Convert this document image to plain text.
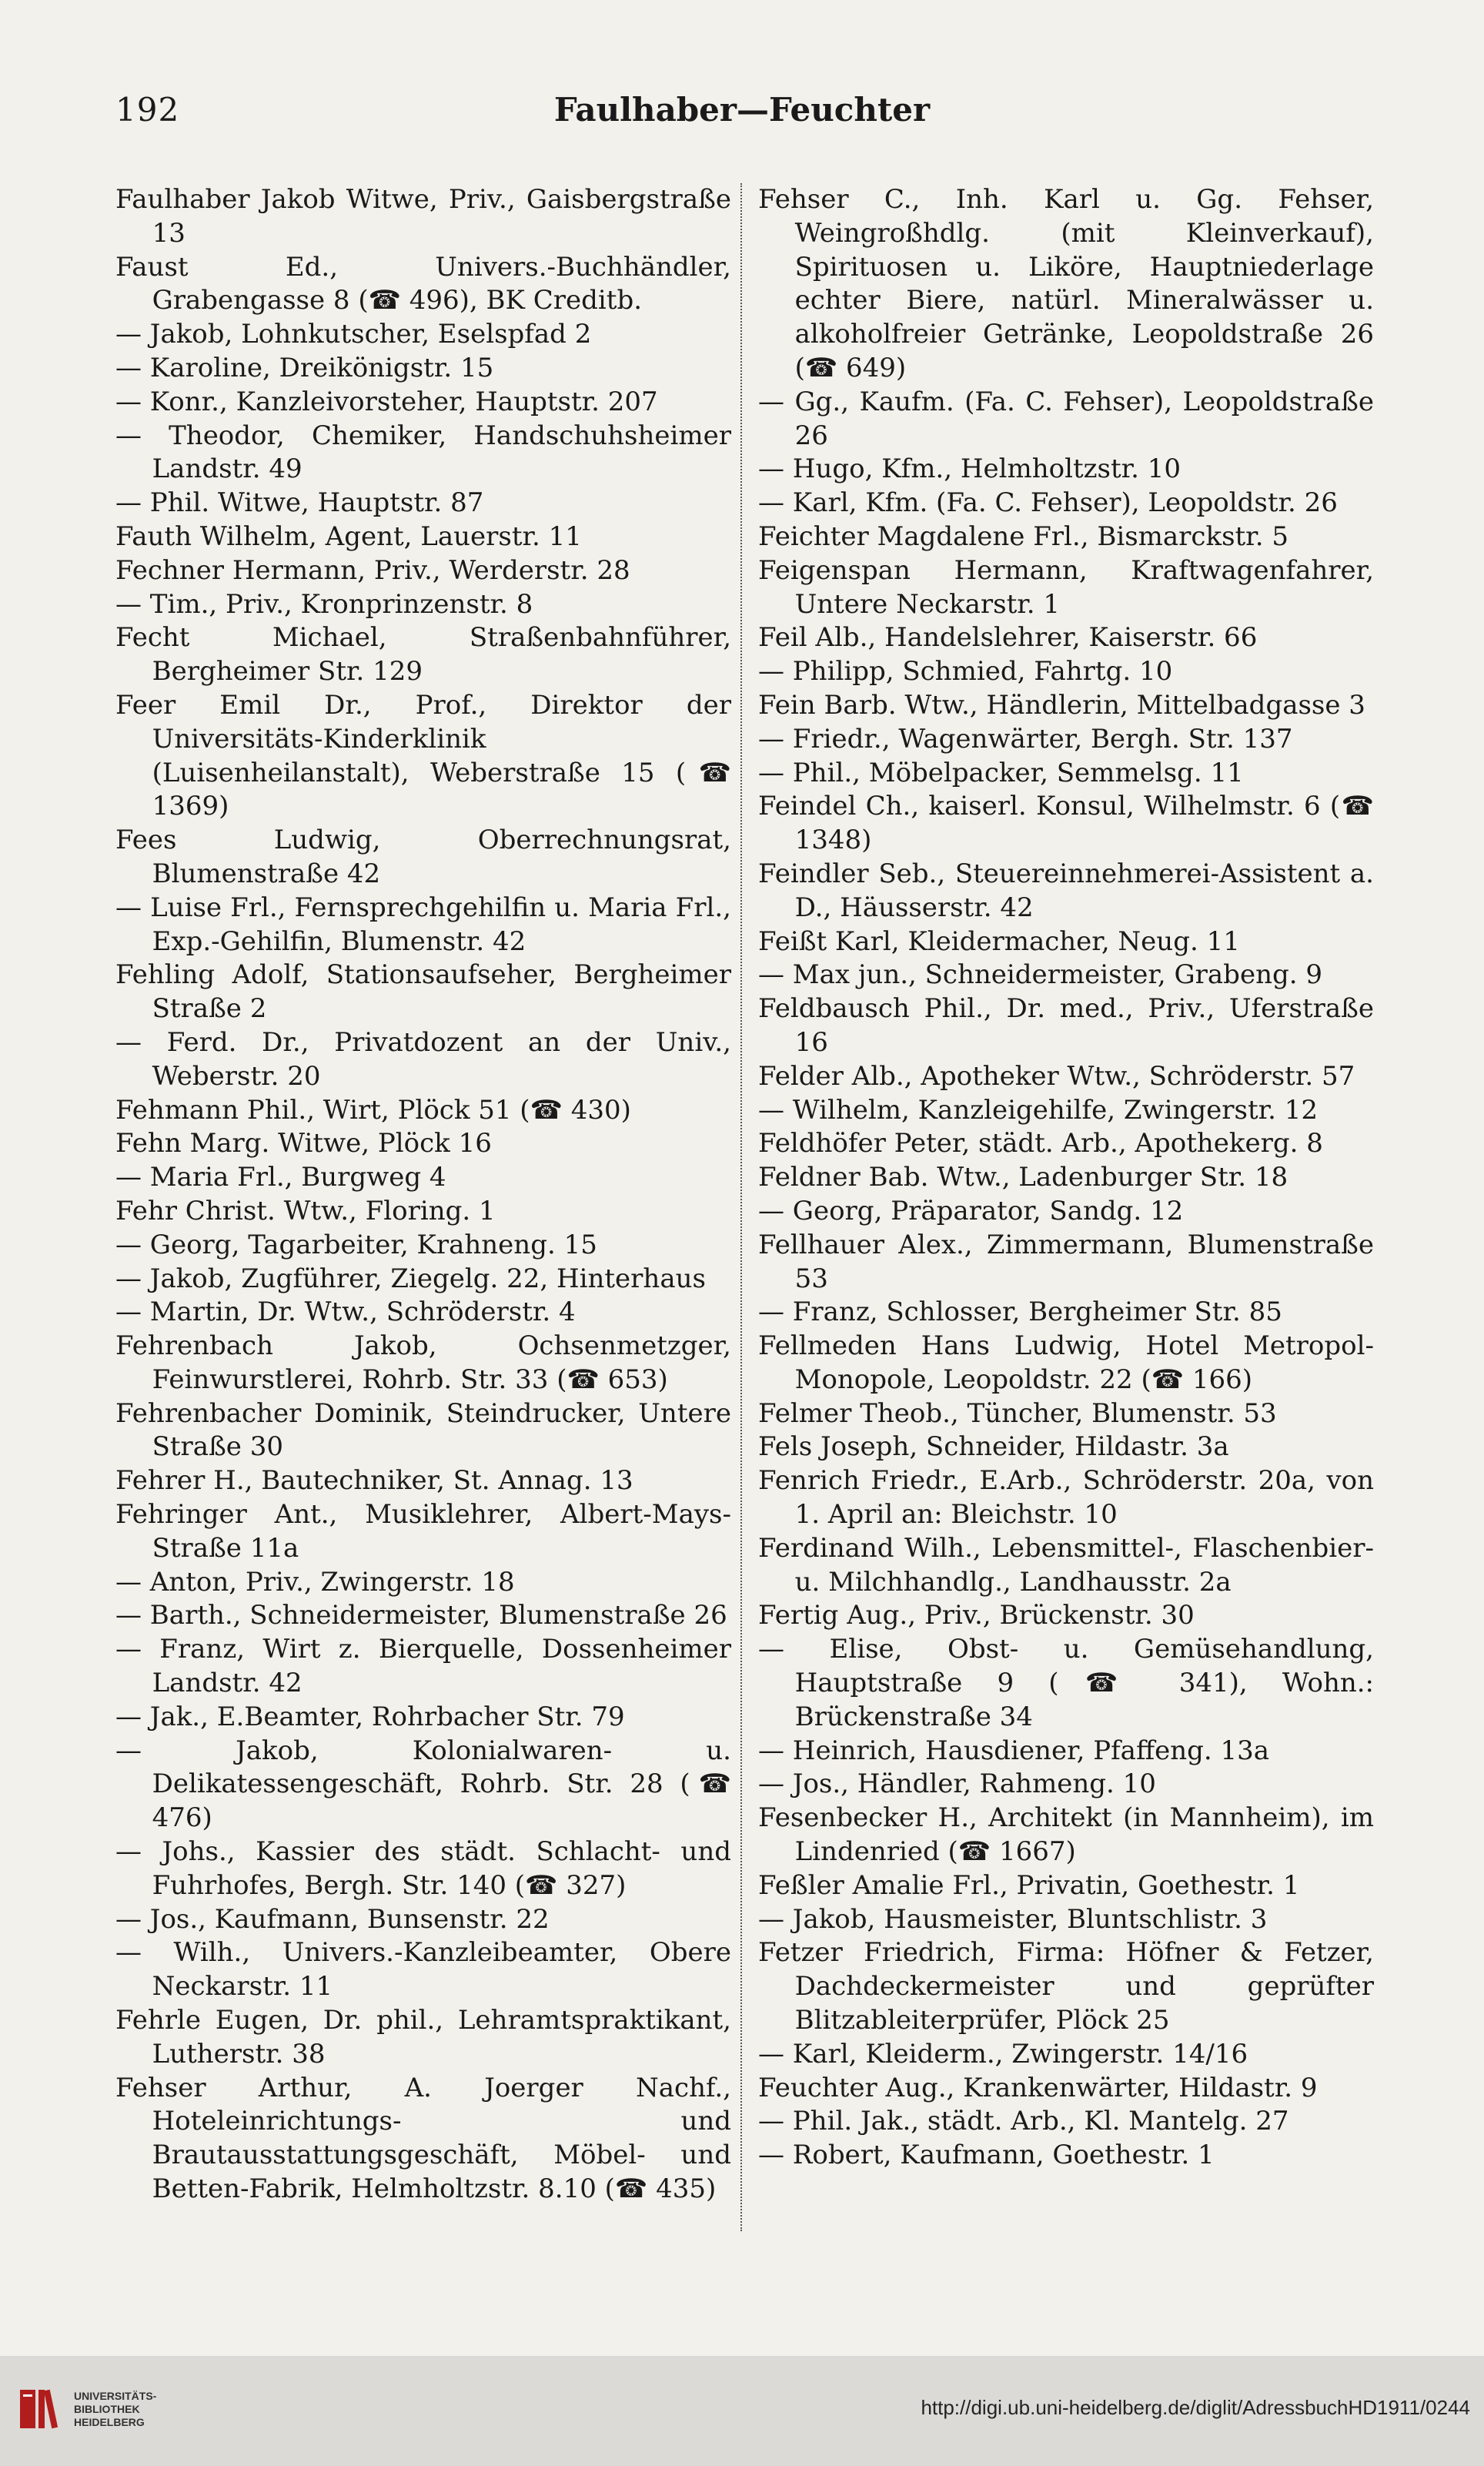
192	Faulhaber—Feuchter

Faulhaber Jakob Witwe, Priv., Gaisbergstraße 13

Faust Ed., Univers.-Buchhändler, Grabengasse 8 (☎ 496), BK Creditb.

— Jakob, Lohnkutscher, Eselspfad 2

— Karoline, Dreikönigstr. 15

— Konr., Kanzleivorsteher, Hauptstr. 207

— Theodor, Chemiker, Handschuhsheimer Landstr. 49

— Phil. Witwe, Hauptstr. 87

Fauth Wilhelm, Agent, Lauerstr. 11

Fechner Hermann, Priv., Werderstr. 28

— Tim., Priv., Kronprinzenstr. 8

Fecht Michael, Straßenbahnführer, Bergheimer Str. 129

Feer Emil Dr., Prof., Direktor der Universitäts-Kinderklinik (Luisenheilanstalt), Weberstraße 15 (☎ 1369)

Fees Ludwig, Oberrechnungsrat, Blumenstraße 42

— Luise Frl., Fernsprechgehilfin u. Maria Frl., Exp.-Gehilfin, Blumenstr. 42

Fehling Adolf, Stationsaufseher, Bergheimer Straße 2

— Ferd. Dr., Privatdozent an der Univ., Weberstr. 20

Fehmann Phil., Wirt, Plöck 51 (☎ 430)

Fehn Marg. Witwe, Plöck 16

— Maria Frl., Burgweg 4

Fehr Christ. Wtw., Floring. 1

— Georg, Tagarbeiter, Krahneng. 15

— Jakob, Zugführer, Ziegelg. 22, Hinterhaus

— Martin, Dr. Wtw., Schröderstr. 4

Fehrenbach Jakob, Ochsenmetzger, Feinwurstlerei, Rohrb. Str. 33 (☎ 653)

Fehrenbacher Dominik, Steindrucker, Untere Straße 30

Fehrer H., Bautechniker, St. Annag. 13

Fehringer Ant., Musiklehrer, Albert-Mays-Straße 11a

— Anton, Priv., Zwingerstr. 18

— Barth., Schneidermeister, Blumenstraße 26

— Franz, Wirt z. Bierquelle, Dossenheimer Landstr. 42

— Jak., E.Beamter, Rohrbacher Str. 79

— Jakob, Kolonialwaren- u. Delikatessengeschäft, Rohrb. Str. 28 (☎ 476)

— Johs., Kassier des städt. Schlacht- und Fuhrhofes, Bergh. Str. 140 (☎ 327)

— Jos., Kaufmann, Bunsenstr. 22

— Wilh., Univers.-Kanzleibeamter, Obere Neckarstr. 11

Fehrle Eugen, Dr. phil., Lehramtspraktikant, Lutherstr. 38

Fehser Arthur, A. Joerger Nachf., Hoteleinrichtungs- und Brautausstattungsgeschäft, Möbel- und Betten-Fabrik, Helmholtzstr. 8.10 (☎ 435)

Fehser C., Inh. Karl u. Gg. Fehser, Weingroßhdlg. (mit Kleinverkauf), Spirituosen u. Liköre, Hauptniederlage echter Biere, natürl. Mineralwässer u. alkoholfreier Getränke, Leopoldstraße 26 (☎ 649)

— Gg., Kaufm. (Fa. C. Fehser), Leopoldstraße 26

— Hugo, Kfm., Helmholtzstr. 10

— Karl, Kfm. (Fa. C. Fehser), Leopoldstr. 26

Feichter Magdalene Frl., Bismarckstr. 5

Feigenspan Hermann, Kraftwagenfahrer, Untere Neckarstr. 1

Feil Alb., Handelslehrer, Kaiserstr. 66

— Philipp, Schmied, Fahrtg. 10

Fein Barb. Wtw., Händlerin, Mittelbadgasse 3

— Friedr., Wagenwärter, Bergh. Str. 137

— Phil., Möbelpacker, Semmelsg. 11

Feindel Ch., kaiserl. Konsul, Wilhelmstr. 6 (☎ 1348)

Feindler Seb., Steuereinnehmerei-Assistent a. D., Häusserstr. 42

Feißt Karl, Kleidermacher, Neug. 11

— Max jun., Schneidermeister, Grabeng. 9

Feldbausch Phil., Dr. med., Priv., Uferstraße 16

Felder Alb., Apotheker Wtw., Schröderstr. 57

— Wilhelm, Kanzleigehilfe, Zwingerstr. 12

Feldhöfer Peter, städt. Arb., Apothekerg. 8

Feldner Bab. Wtw., Ladenburger Str. 18

— Georg, Präparator, Sandg. 12

Fellhauer Alex., Zimmermann, Blumenstraße 53

— Franz, Schlosser, Bergheimer Str. 85

Fellmeden Hans Ludwig, Hotel Metropol-Monopole, Leopoldstr. 22 (☎ 166)

Felmer Theob., Tüncher, Blumenstr. 53

Fels Joseph, Schneider, Hildastr. 3a

Fenrich Friedr., E.Arb., Schröderstr. 20a, von 1. April an: Bleichstr. 10

Ferdinand Wilh., Lebensmittel-, Flaschenbier- u. Milchhandlg., Landhausstr. 2a

Fertig Aug., Priv., Brückenstr. 30

— Elise, Obst- u. Gemüsehandlung, Hauptstraße 9 (☎ 341), Wohn.: Brückenstraße 34

— Heinrich, Hausdiener, Pfaffeng. 13a

— Jos., Händler, Rahmeng. 10

Fesenbecker H., Architekt (in Mannheim), im Lindenried (☎ 1667)

Feßler Amalie Frl., Privatin, Goethestr. 1

— Jakob, Hausmeister, Bluntschlistr. 3

Fetzer Friedrich, Firma: Höfner & Fetzer, Dachdeckermeister und geprüfter Blitzableiterprüfer, Plöck 25

— Karl, Kleiderm., Zwingerstr. 14/16

Feuchter Aug., Krankenwärter, Hildastr. 9

— Phil. Jak., städt. Arb., Kl. Mantelg. 27

— Robert, Kaufmann, Goethestr. 1

UNIVERSITÄTS-
BIBLIOTHEK
HEIDELBERG
http://digi.ub.uni-heidelberg.de/diglit/AdressbuchHD1911/0244
